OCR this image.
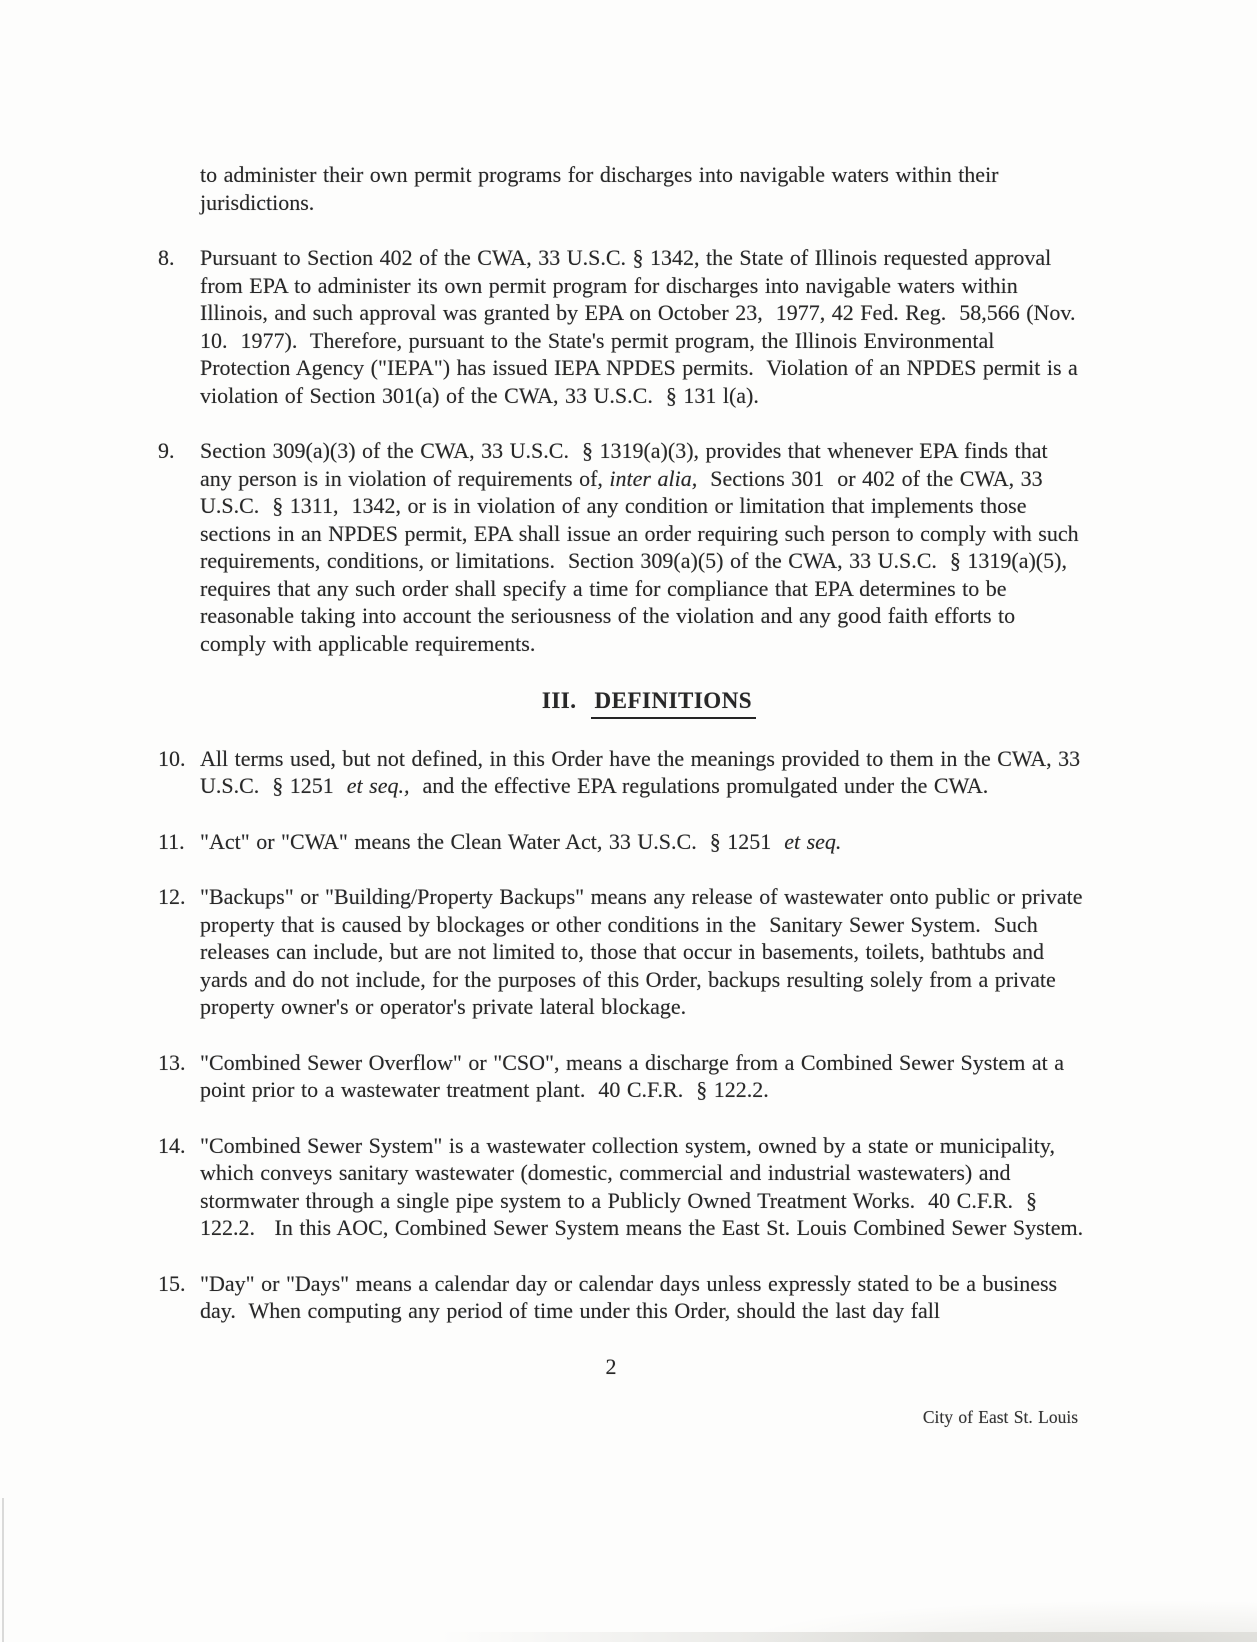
to administer their own permit programs for discharges into navigable waters within their jurisdictions.

8.	Pursuant to Section 402 of the CWA, 33 U.S.C. § 1342, the State of Illinois requested approval from EPA to administer its own permit program for discharges into navigable waters within Illinois, and such approval was granted by EPA on October 23,  1977, 42 Fed. Reg.  58,566 (Nov.  10.  1977).  Therefore, pursuant to the State's permit program, the Illinois Environmental Protection Agency ("IEPA") has issued IEPA NPDES permits.  Violation of an NPDES permit is a violation of Section 301(a) of the CWA, 33 U.S.C.  § 131 l(a).
9.	Section 309(a)(3) of the CWA, 33 U.S.C.  § 1319(a)(3), provides that whenever EPA finds that any person is in violation of requirements of, inter alia,  Sections 301  or 402 of the CWA, 33 U.S.C.  § 1311,  1342, or is in violation of any condition or limitation that implements those sections in an NPDES permit, EPA shall issue an order requiring such person to comply with such requirements, conditions, or limitations.  Section 309(a)(5) of the CWA, 33 U.S.C.  § 1319(a)(5), requires that any such order shall specify a time for compliance that EPA determines to be reasonable taking into account the seriousness of the violation and any good faith efforts to comply with applicable requirements.
III. DEFINITIONS
10. All terms used, but not defined, in this Order have the meanings provided to them in the CWA, 33 U.S.C.  § 1251  et seq.,  and the effective EPA regulations promulgated under the CWA.
11. "Act" or "CWA" means the Clean Water Act, 33 U.S.C.  § 1251  et seq.
12. "Backups" or "Building/Property Backups" means any release of wastewater onto public or private property that is caused by blockages or other conditions in the  Sanitary Sewer System.  Such releases can include, but are not limited to, those that occur in basements, toilets, bathtubs and yards and do not include, for the purposes of this Order, backups resulting solely from a private property owner's or operator's private lateral blockage.
13. "Combined Sewer Overflow" or "CSO", means a discharge from a Combined Sewer System at a point prior to a wastewater treatment plant.  40 C.F.R.  § 122.2.
14. "Combined Sewer System" is a wastewater collection system, owned by a state or municipality, which conveys sanitary wastewater (domestic, commercial and industrial wastewaters) and stormwater through a single pipe system to a Publicly Owned Treatment Works.  40 C.F.R.  § 122.2.   In this AOC, Combined Sewer System means the East St. Louis Combined Sewer System.
15. "Day" or "Days" means a calendar day or calendar days unless expressly stated to be a business day.  When computing any period of time under this Order, should the last day fall
2
City of East St. Louis
